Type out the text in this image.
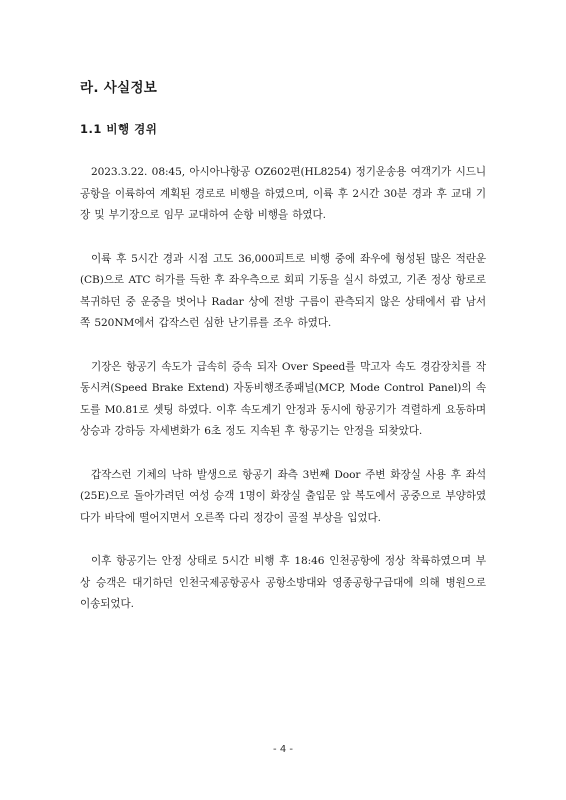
라. 사실정보
1.1 비행 경위

2023.3.22. 08:45, 아시아나항공 OZ602편(HL8254) 정기운송용 여객기가 시드니 공항을 이륙하여 계획된 경로로 비행을 하였으며, 이륙 후 2시간 30분 경과 후 교대 기장 및 부기장으로 임무 교대하여 순항 비행을 하였다.

이륙 후 5시간 경과 시점 고도 36,000피트로 비행 중에 좌우에 형성된 많은 적란운(CB)으로 ATC 허가를 득한 후 좌우측으로 회피 기동을 실시 하였고, 기존 정상 항로로 복귀하던 중 운중을 벗어나 Radar 상에 전방 구름이 관측되지 않은 상태에서 괌 남서쪽 520NM에서 갑작스런 심한 난기류를 조우 하였다.

기장은 항공기 속도가 급속히 증속 되자 Over Speed를 막고자 속도 경감장치를 작동시켜(Speed Brake Extend) 자동비행조종패널(MCP, Mode Control Panel)의 속도를 M0.81로 셋팅 하였다. 이후 속도계기 안정과 동시에 항공기가 격렬하게 요동하며 상승과 강하등 자세변화가 6초 정도 지속된 후 항공기는 안정을 되찾았다.

갑작스런 기체의 낙하 발생으로 항공기 좌측 3번째 Door 주변 화장실 사용 후 좌석(25E)으로 돌아가려던 여성 승객 1명이 화장실 출입문 앞 복도에서 공중으로 부양하였다가 바닥에 떨어지면서 오른쪽 다리 정강이 골절 부상을 입었다.

이후 항공기는 안정 상태로 5시간 비행 후 18:46 인천공항에 정상 착륙하였으며 부상 승객은 대기하던 인천국제공항공사 공항소방대와 영종공항구급대에 의해 병원으로 이송되었다.

- 4 -
